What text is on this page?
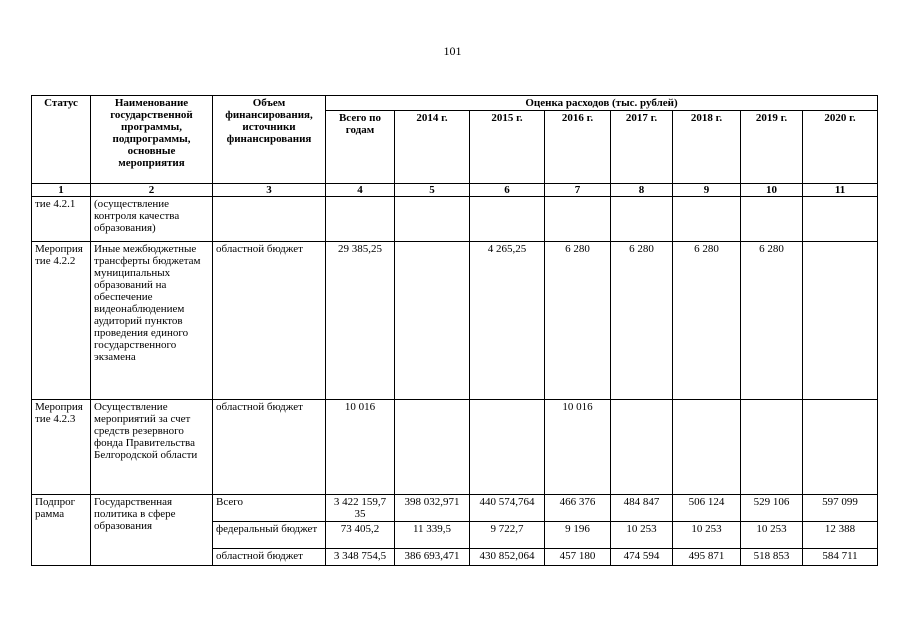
101
Статус	Наименование государственной программы, подпрограммы, основные мероприятия	Объем финансирования, источники финансирования	Оценка расходов (тыс. рублей)							
			Всего по годам	2014 г.	2015 г.	2016 г.	2017 г.	2018 г.	2019 г.	2020 г.
1	2	3	4	5	6	7	8	9	10	11
тие 4.2.1	(осуществление контроля качества образования)									
Мероприя тие 4.2.2	Иные межбюджетные трансферты бюджетам муниципальных образований на обеспечение видеонаблюдением аудиторий пунктов проведения единого государственного экзамена	областной бюджет	29 385,25		4 265,25	6 280	6 280	6 280	6 280	
Мероприя тие 4.2.3	Осуществление мероприятий за счет средств резервного фонда Правительства Белгородской области	областной бюджет	10 016			10 016				
Подпрог рамма	Государственная политика в сфере образования	Всего	3 422 159,7 35	398 032,971	440 574,764	466 376	484 847	506 124	529 106	597 099
		федеральный бюджет	73 405,2	11 339,5	9 722,7	9 196	10 253	10 253	10 253	12 388
		областной бюджет	3 348 754,5	386 693,471	430 852,064	457 180	474 594	495 871	518 853	584 711
